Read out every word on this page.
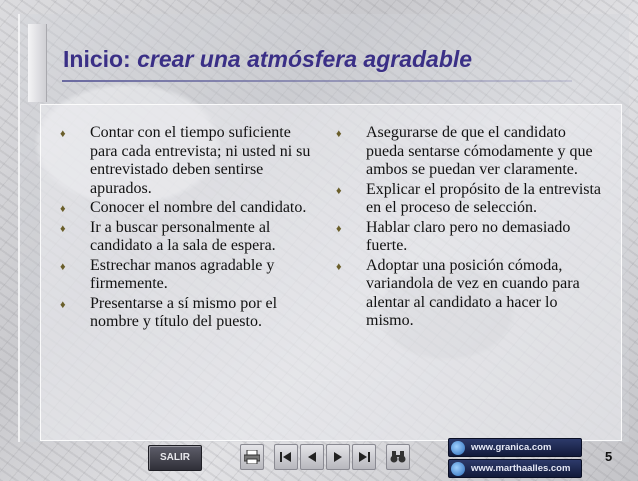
Inicio: crear una atmósfera agradable
♦ Contar con el tiempo suficiente para cada entrevista; ni usted ni su entrevistado deben sentirse apurados.
♦ Conocer el nombre del candidato.
♦ Ir a buscar personalmente al candidato a la sala de espera.
♦ Estrechar manos agradable y firmemente.
♦ Presentarse a sí mismo por el nombre y título del puesto.
♦ Asegurarse de que el candidato pueda sentarse cómodamente y que ambos se puedan ver claramente.
♦ Explicar el propósito de la entrevista en el proceso de selección.
♦ Hablar claro pero no demasiado fuerte.
♦ Adoptar una posición cómoda, variandola de vez en cuando para alentar al candidato a hacer lo mismo.
SALIR
www.granica.com
www.marthaalles.com
5
